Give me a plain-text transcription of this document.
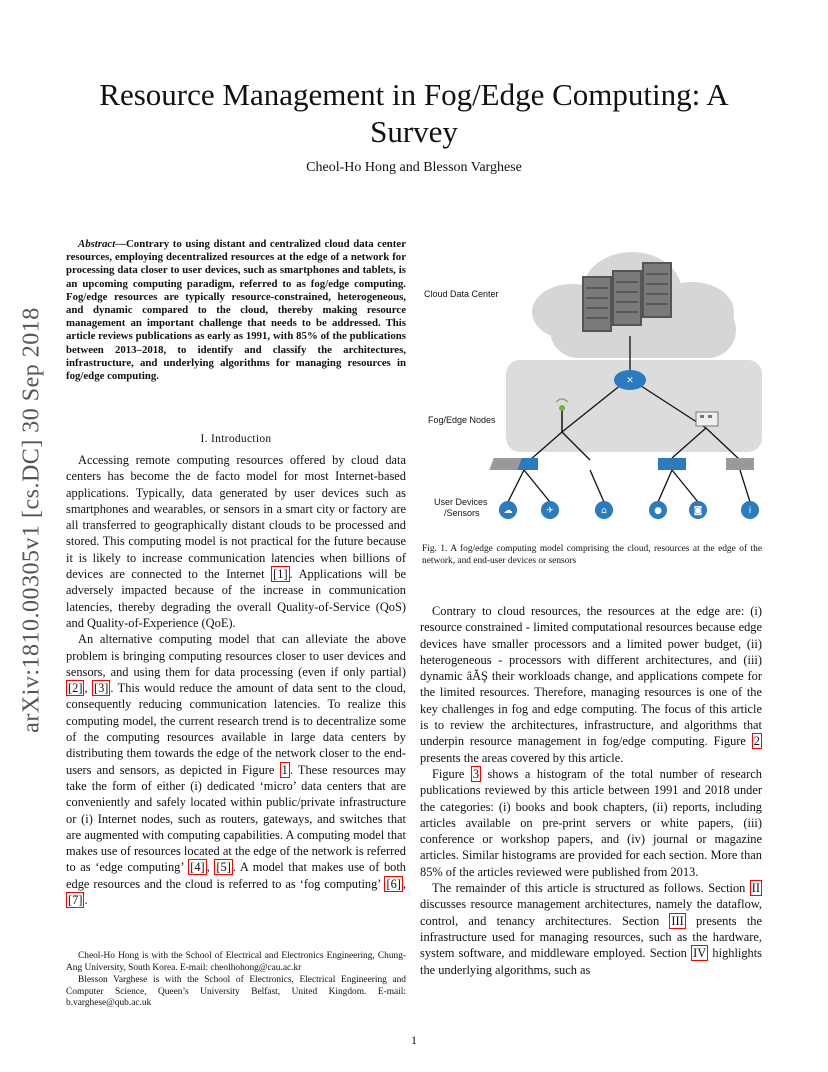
Resource Management in Fog/Edge Computing: A Survey
Cheol-Ho Hong and Blesson Varghese
arXiv:1810.00305v1 [cs.DC] 30 Sep 2018
Abstract—Contrary to using distant and centralized cloud data center resources, employing decentralized resources at the edge of a network for processing data closer to user devices, such as smartphones and tablets, is an upcoming computing paradigm, referred to as fog/edge computing. Fog/edge resources are typically resource-constrained, heterogeneous, and dynamic compared to the cloud, thereby making resource management an important challenge that needs to be addressed. This article reviews publications as early as 1991, with 85% of the publications between 2013–2018, to identify and classify the architectures, infrastructure, and underlying algorithms for managing resources in fog/edge computing.
I. Introduction

Accessing remote computing resources offered by cloud data centers has become the de facto model for most Internet-based applications. Typically, data generated by user devices such as smartphones and wearables, or sensors in a smart city or factory are all transferred to geographically distant clouds to be processed and stored. This computing model is not practical for the future because it is likely to increase communication latencies when billions of devices are connected to the Internet [1] . Applications will be adversely impacted because of the increase in communication latencies, thereby degrading the overall Quality-of-Service (QoS) and Quality-of-Experience (QoE).

An alternative computing model that can alleviate the above problem is bringing computing resources closer to user devices and sensors, and using them for data processing (even if only partial) [2] , [3] . This would reduce the amount of data sent to the cloud, consequently reducing communication latencies. To realize this computing model, the current research trend is to decentralize some of the computing resources available in large data centers by distributing them towards the edge of the network closer to the end-users and sensors, as depicted in Figure 1 . These resources may take the form of either (i) dedicated ‘micro’ data centers that are conveniently and safely located within public/private infrastructure or (i) Internet nodes, such as routers, gateways, and switches that are augmented with computing capabilities. A computing model that makes use of resources located at the edge of the network is referred to as ‘edge computing’ [4] , [5] . A model that makes use of both edge resources and the cloud is referred to as ‘fog computing’ [6] , [7] .

Cheol-Ho Hong is with the School of Electrical and Electronics Engineering, Chung-Ang University, South Korea. E-mail: cheolhohong@cau.ac.kr

Blesson Varghese is with the School of Electronics, Electrical Engineering and Computer Science, Queen’s University Belfast, United Kingdom. E-mail: b.varghese@qub.ac.uk

Cloud Data Center
Fog/Edge Nodes
✕
User Devices
/Sensors	☁	✈	⌂	●	◙	i
Fig. 1. A fog/edge computing model comprising the cloud, resources at the edge of the network, and end-user devices or sensors

Contrary to cloud resources, the resources at the edge are: (i) resource constrained - limited computational resources because edge devices have smaller processors and a limited power budget, (ii) heterogeneous - processors with different architectures, and (iii) dynamic âĂŞ their workloads change, and applications compete for the limited resources. Therefore, managing resources is one of the key challenges in fog and edge computing. The focus of this article is to review the architectures, infrastructure, and algorithms that underpin resource management in fog/edge computing. Figure 2 presents the areas covered by this article.

Figure 3 shows a histogram of the total number of research publications reviewed by this article between 1991 and 2018 under the categories: (i) books and book chapters, (ii) reports, including articles available on pre-print servers or white papers, (iii) conference or workshop papers, and (iv) journal or magazine articles. Similar histograms are provided for each section. More than 85% of the articles reviewed were published from 2013.

The remainder of this article is structured as follows. Section II discusses resource management architectures, namely the dataflow, control, and tenancy architectures. Section III presents the infrastructure used for managing resources, such as the hardware, system software, and middleware employed. Section IV highlights the underlying algorithms, such as

1
